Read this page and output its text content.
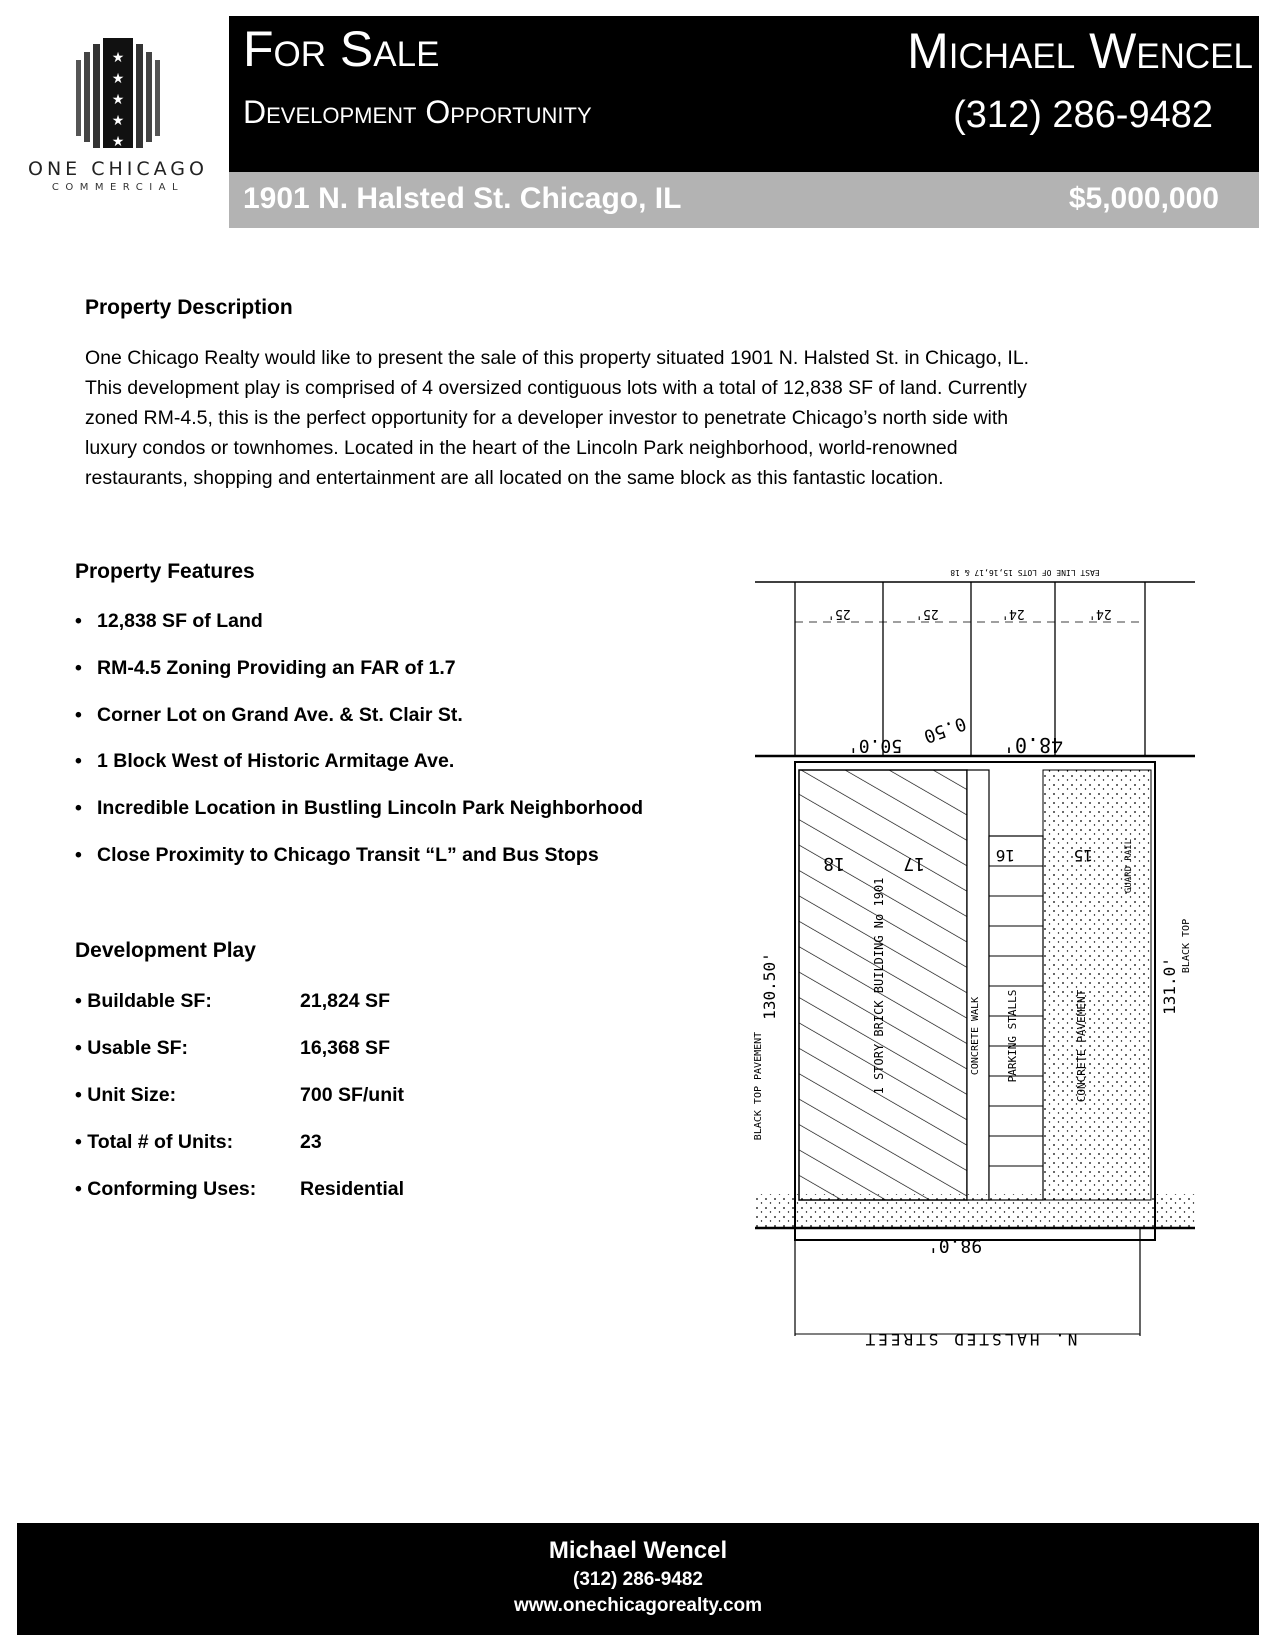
★
★
★
★
★
ONE CHICAGO
COMMERCIAL
For Sale
Development Opportunity
Michael Wencel
(312) 286-9482
1901 N. Halsted St. Chicago, IL	$5,000,000
Property Description
One Chicago Realty would like to present the sale of this property situated 1901 N. Halsted St. in Chicago, IL.
This development play is comprised of 4 oversized contiguous lots with a total of 12,838 SF of land. Currently
zoned RM-4.5, this is the perfect opportunity for a developer investor to penetrate Chicago’s north side with
luxury condos or townhomes. Located in the heart of the Lincoln Park neighborhood, world-renowned
restaurants, shopping and entertainment are all located on the same block as this fantastic location.
Property Features
• 12,838 SF of Land
• RM-4.5 Zoning Providing an FAR of 1.7
• Corner Lot on Grand Ave. & St. Clair St.
• 1 Block West of Historic Armitage Ave.
• Incredible Location in Bustling Lincoln Park Neighborhood
• Close Proximity to Chicago Transit “L” and Bus Stops
Development Play
• Buildable SF:	21,824 SF
• Usable SF:	16,368 SF
• Unit Size:	700 SF/unit
• Total # of Units:	23
• Conforming Uses: Residential
EAST LINE OF LOTS 15,16,17 & 18
25'	25'	24'	24'
50.0'	48.0'
0.50
18	17
1 STORY BRICK BUILDING No 1901	CONCRETE WALK PARKING STALLS
16	15
CONCRETE PAVEMENT
GUARD RAIL
130.50'	131.0'
BLACK TOP PAVEMENT
BLACK TOP
98.0'
N. HALSTED STREET
Michael Wencel
(312) 286-9482
www.onechicagorealty.com
